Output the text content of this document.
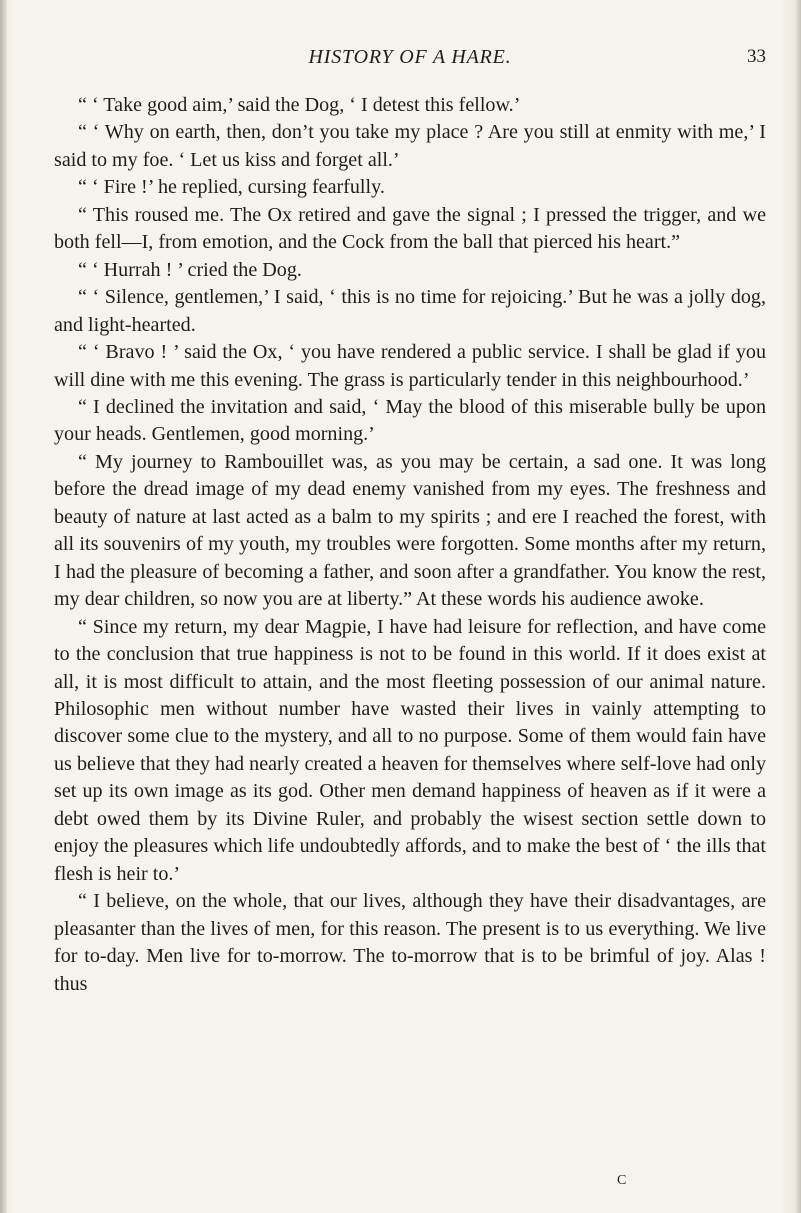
HISTORY OF A HARE.	33

“ ‘ Take good aim,’ said the Dog, ‘ I detest this fellow.’

“ ‘ Why on earth, then, don’t you take my place ? Are you still at enmity with me,’ I said to my foe. ‘ Let us kiss and forget all.’

“ ‘ Fire !’ he replied, cursing fearfully.

“ This roused me. The Ox retired and gave the signal ; I pressed the trigger, and we both fell—I, from emotion, and the Cock from the ball that pierced his heart.”

“ ‘ Hurrah ! ’ cried the Dog.

“ ‘ Silence, gentlemen,’ I said, ‘ this is no time for rejoicing.’ But he was a jolly dog, and light-hearted.

“ ‘ Bravo ! ’ said the Ox, ‘ you have rendered a public service. I shall be glad if you will dine with me this evening. The grass is particularly tender in this neighbourhood.’

“ I declined the invitation and said, ‘ May the blood of this miserable bully be upon your heads. Gentlemen, good morning.’

“ My journey to Rambouillet was, as you may be certain, a sad one. It was long before the dread image of my dead enemy vanished from my eyes. The freshness and beauty of nature at last acted as a balm to my spirits ; and ere I reached the forest, with all its souvenirs of my youth, my troubles were forgotten. Some months after my return, I had the pleasure of becoming a father, and soon after a grandfather. You know the rest, my dear children, so now you are at liberty.” At these words his audience awoke.

“ Since my return, my dear Magpie, I have had leisure for reflection, and have come to the conclusion that true happiness is not to be found in this world. If it does exist at all, it is most difficult to attain, and the most fleeting possession of our animal nature. Philosophic men without number have wasted their lives in vainly attempting to discover some clue to the mystery, and all to no purpose. Some of them would fain have us believe that they had nearly created a heaven for themselves where self-love had only set up its own image as its god. Other men demand happiness of heaven as if it were a debt owed them by its Divine Ruler, and probably the wisest section settle down to enjoy the pleasures which life undoubtedly affords, and to make the best of ‘ the ills that flesh is heir to.’

“ I believe, on the whole, that our lives, although they have their disadvantages, are pleasanter than the lives of men, for this reason. The present is to us everything. We live for to-day. Men live for to-morrow. The to-morrow that is to be brimful of joy. Alas ! thus

C
